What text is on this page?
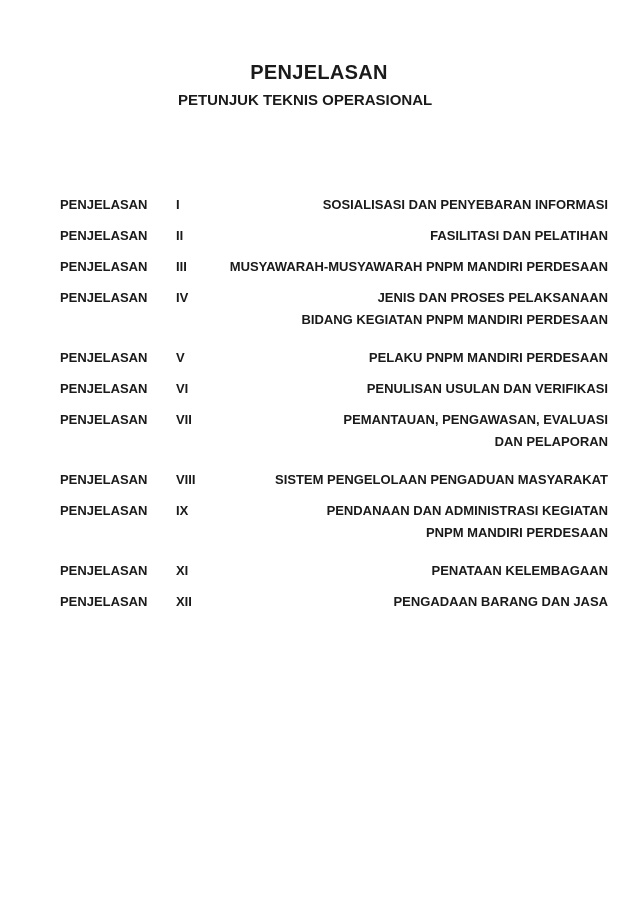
PENJELASAN
PETUNJUK TEKNIS OPERASIONAL
PENJELASAN I	SOSIALISASI DAN PENYEBARAN INFORMASI
PENJELASAN II	FASILITASI DAN PELATIHAN
PENJELASAN III	MUSYAWARAH-MUSYAWARAH PNPM MANDIRI PERDESAAN
PENJELASAN IV	JENIS DAN PROSES PELAKSANAAN
BIDANG KEGIATAN PNPM MANDIRI PERDESAAN
PENJELASAN V	PELAKU PNPM MANDIRI PERDESAAN
PENJELASAN VI	PENULISAN USULAN DAN VERIFIKASI
PENJELASAN VII	PEMANTAUAN, PENGAWASAN, EVALUASI
DAN PELAPORAN
PENJELASAN VIII	SISTEM PENGELOLAAN PENGADUAN MASYARAKAT
PENJELASAN IX	PENDANAAN DAN ADMINISTRASI KEGIATAN
PNPM MANDIRI PERDESAAN
PENJELASAN XI	PENATAAN KELEMBAGAAN
PENJELASAN XII	PENGADAAN BARANG DAN JASA
